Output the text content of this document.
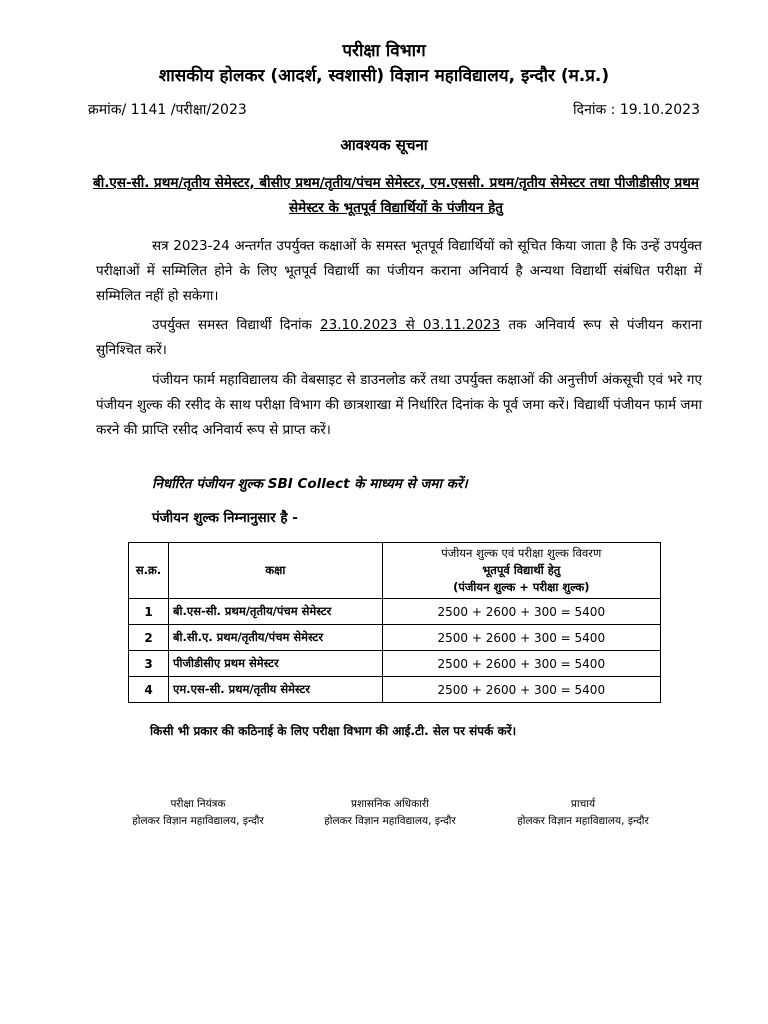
परीक्षा विभाग
शासकीय होलकर (आदर्श, स्वशासी) विज्ञान महाविद्यालय, इन्दौर (म.प्र.)
क्रमांक/ 1141 /परीक्षा/2023	दिनांक : 19.10.2023
आवश्यक सूचना
बी.एस-सी. प्रथम/तृतीय सेमेस्टर, बीसीए प्रथम/तृतीय/पंचम सेमेस्टर, एम.एससी. प्रथम/तृतीय सेमेस्टर तथा पीजीडीसीए प्रथम सेमेस्टर के भूतपूर्व विद्यार्थियों के पंजीयन हेतु

सत्र 2023-24 अन्तर्गत उपर्युक्त कक्षाओं के समस्त भूतपूर्व विद्यार्थियों को सूचित किया जाता है कि उन्हें उपर्युक्त परीक्षाओं में सम्मिलित होने के लिए भूतपूर्व विद्यार्थी का पंजीयन कराना अनिवार्य है अन्यथा विद्यार्थी संबंधित परीक्षा में सम्मिलित नहीं हो सकेगा।

उपर्युक्त समस्त विद्यार्थी दिनांक 23.10.2023 से 03.11.2023 तक अनिवार्य रूप से पंजीयन कराना सुनिश्चित करें।

पंजीयन फार्म महाविद्यालय की वेबसाइट से डाउनलोड करें तथा उपर्युक्त कक्षाओं की अनुत्तीर्ण अंकसूची एवं भरे गए पंजीयन शुल्क की रसीद के साथ परीक्षा विभाग की छात्रशाखा में निर्धारित दिनांक के पूर्व जमा करें। विद्यार्थी पंजीयन फार्म जमा करने की प्राप्ति रसीद अनिवार्य रूप से प्राप्त करें।

निर्धारित पंजीयन शुल्क SBI Collect के माध्यम से जमा करें।

पंजीयन शुल्क निम्नानुसार है -

स.क्र.	कक्षा	पंजीयन शुल्क एवं परीक्षा शुल्क विवरण
भूतपूर्व विद्यार्थी हेतु
(पंजीयन शुल्क + परीक्षा शुल्क)

1	बी.एस-सी. प्रथम/तृतीय/पंचम सेमेस्टर	2500 + 2600 + 300 = 5400
2	बी.सी.ए. प्रथम/तृतीय/पंचम सेमेस्टर	2500 + 2600 + 300 = 5400
3	पीजीडीसीए प्रथम सेमेस्टर	2500 + 2600 + 300 = 5400
4	एम.एस-सी. प्रथम/तृतीय सेमेस्टर	2500 + 2600 + 300 = 5400
किसी भी प्रकार की कठिनाई के लिए परीक्षा विभाग की आई.टी. सेल पर संपर्क करें।
परीक्षा नियंत्रक
होलकर विज्ञान महाविद्यालय, इन्दौर
प्रशासनिक अधिकारी
होलकर विज्ञान महाविद्यालय, इन्दौर
प्राचार्य
होलकर विज्ञान महाविद्यालय, इन्दौर
